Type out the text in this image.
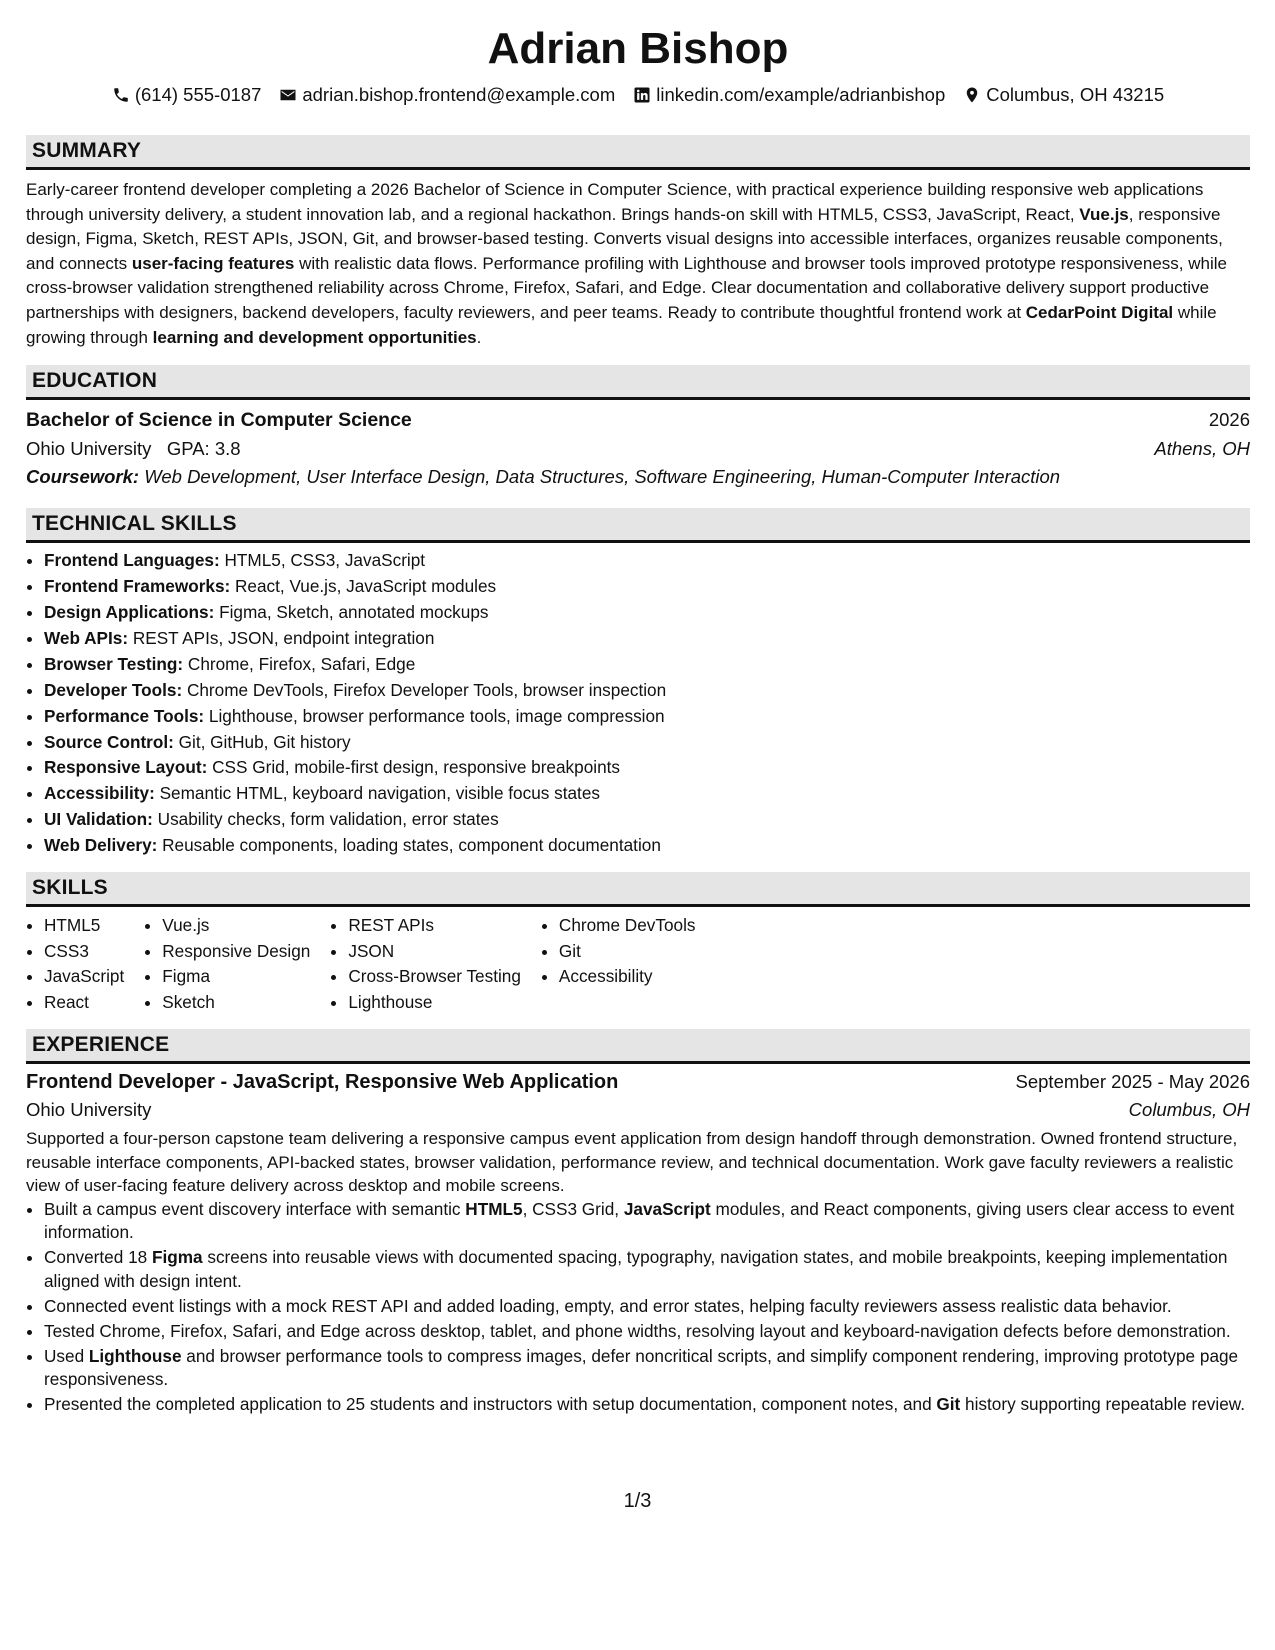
Adrian Bishop
(614) 555-0187 adrian.bishop.frontend@example.com linkedin.com/example/adrianbishop Columbus, OH 43215
SUMMARY

Early-career frontend developer completing a 2026 Bachelor of Science in Computer Science, with practical experience building responsive web applications through university delivery, a student innovation lab, and a regional hackathon. Brings hands-on skill with HTML5, CSS3, JavaScript, React, Vue.js, responsive design, Figma, Sketch, REST APIs, JSON, Git, and browser-based testing. Converts visual designs into accessible interfaces, organizes reusable components, and connects user-facing features with realistic data flows. Performance profiling with Lighthouse and browser tools improved prototype responsiveness, while cross-browser validation strengthened reliability across Chrome, Firefox, Safari, and Edge. Clear documentation and collaborative delivery support productive partnerships with designers, backend developers, faculty reviewers, and peer teams. Ready to contribute thoughtful frontend work at CedarPoint Digital while growing through learning and development opportunities.

EDUCATION
Bachelor of Science in Computer Science	2026
Ohio University GPA: 3.8	Athens, OH
Coursework: Web Development, User Interface Design, Data Structures, Software Engineering, Human-Computer Interaction
TECHNICAL SKILLS
• Frontend Languages: HTML5, CSS3, JavaScript
• Frontend Frameworks: React, Vue.js, JavaScript modules
• Design Applications: Figma, Sketch, annotated mockups
• Web APIs: REST APIs, JSON, endpoint integration
• Browser Testing: Chrome, Firefox, Safari, Edge
• Developer Tools: Chrome DevTools, Firefox Developer Tools, browser inspection
• Performance Tools: Lighthouse, browser performance tools, image compression
• Source Control: Git, GitHub, Git history
• Responsive Layout: CSS Grid, mobile-first design, responsive breakpoints
• Accessibility: Semantic HTML, keyboard navigation, visible focus states
• UI Validation: Usability checks, form validation, error states
• Web Delivery: Reusable components, loading states, component documentation
SKILLS
• HTML5
• CSS3
• JavaScript
• React
• Vue.js
• Responsive Design
• Figma
• Sketch
• REST APIs
• JSON
• Cross-Browser Testing
• Lighthouse
• Chrome DevTools
• Git
• Accessibility
EXPERIENCE
Frontend Developer - JavaScript, Responsive Web Application	September 2025 - May 2026
Ohio University	Columbus, OH

Supported a four-person capstone team delivering a responsive campus event application from design handoff through demonstration. Owned frontend structure, reusable interface components, API-backed states, browser validation, performance review, and technical documentation. Work gave faculty reviewers a realistic view of user-facing feature delivery across desktop and mobile screens.

• Built a campus event discovery interface with semantic HTML5, CSS3 Grid, JavaScript modules, and React components, giving users clear access to event information.
• Converted 18 Figma screens into reusable views with documented spacing, typography, navigation states, and mobile breakpoints, keeping implementation aligned with design intent.
• Connected event listings with a mock REST API and added loading, empty, and error states, helping faculty reviewers assess realistic data behavior.
• Tested Chrome, Firefox, Safari, and Edge across desktop, tablet, and phone widths, resolving layout and keyboard-navigation defects before demonstration.
• Used Lighthouse and browser performance tools to compress images, defer noncritical scripts, and simplify component rendering, improving prototype page responsiveness.
• Presented the completed application to 25 students and instructors with setup documentation, component notes, and Git history supporting repeatable review.
1/3
